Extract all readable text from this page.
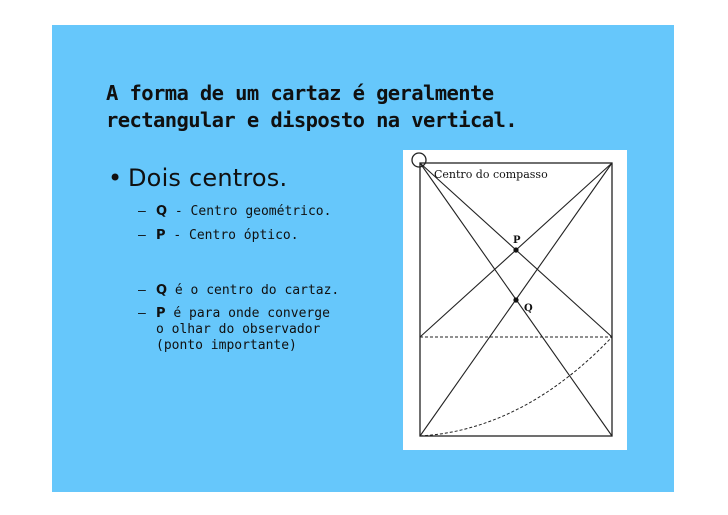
A forma de um cartaz é geralmente
rectangular e disposto na vertical.
• Dois centros.
– Q - Centro geométrico.
– P - Centro óptico.
– Q é o centro do cartaz.
– P é para onde converge
o olhar do observador
(ponto importante)
Centro do compasso
P
Q
